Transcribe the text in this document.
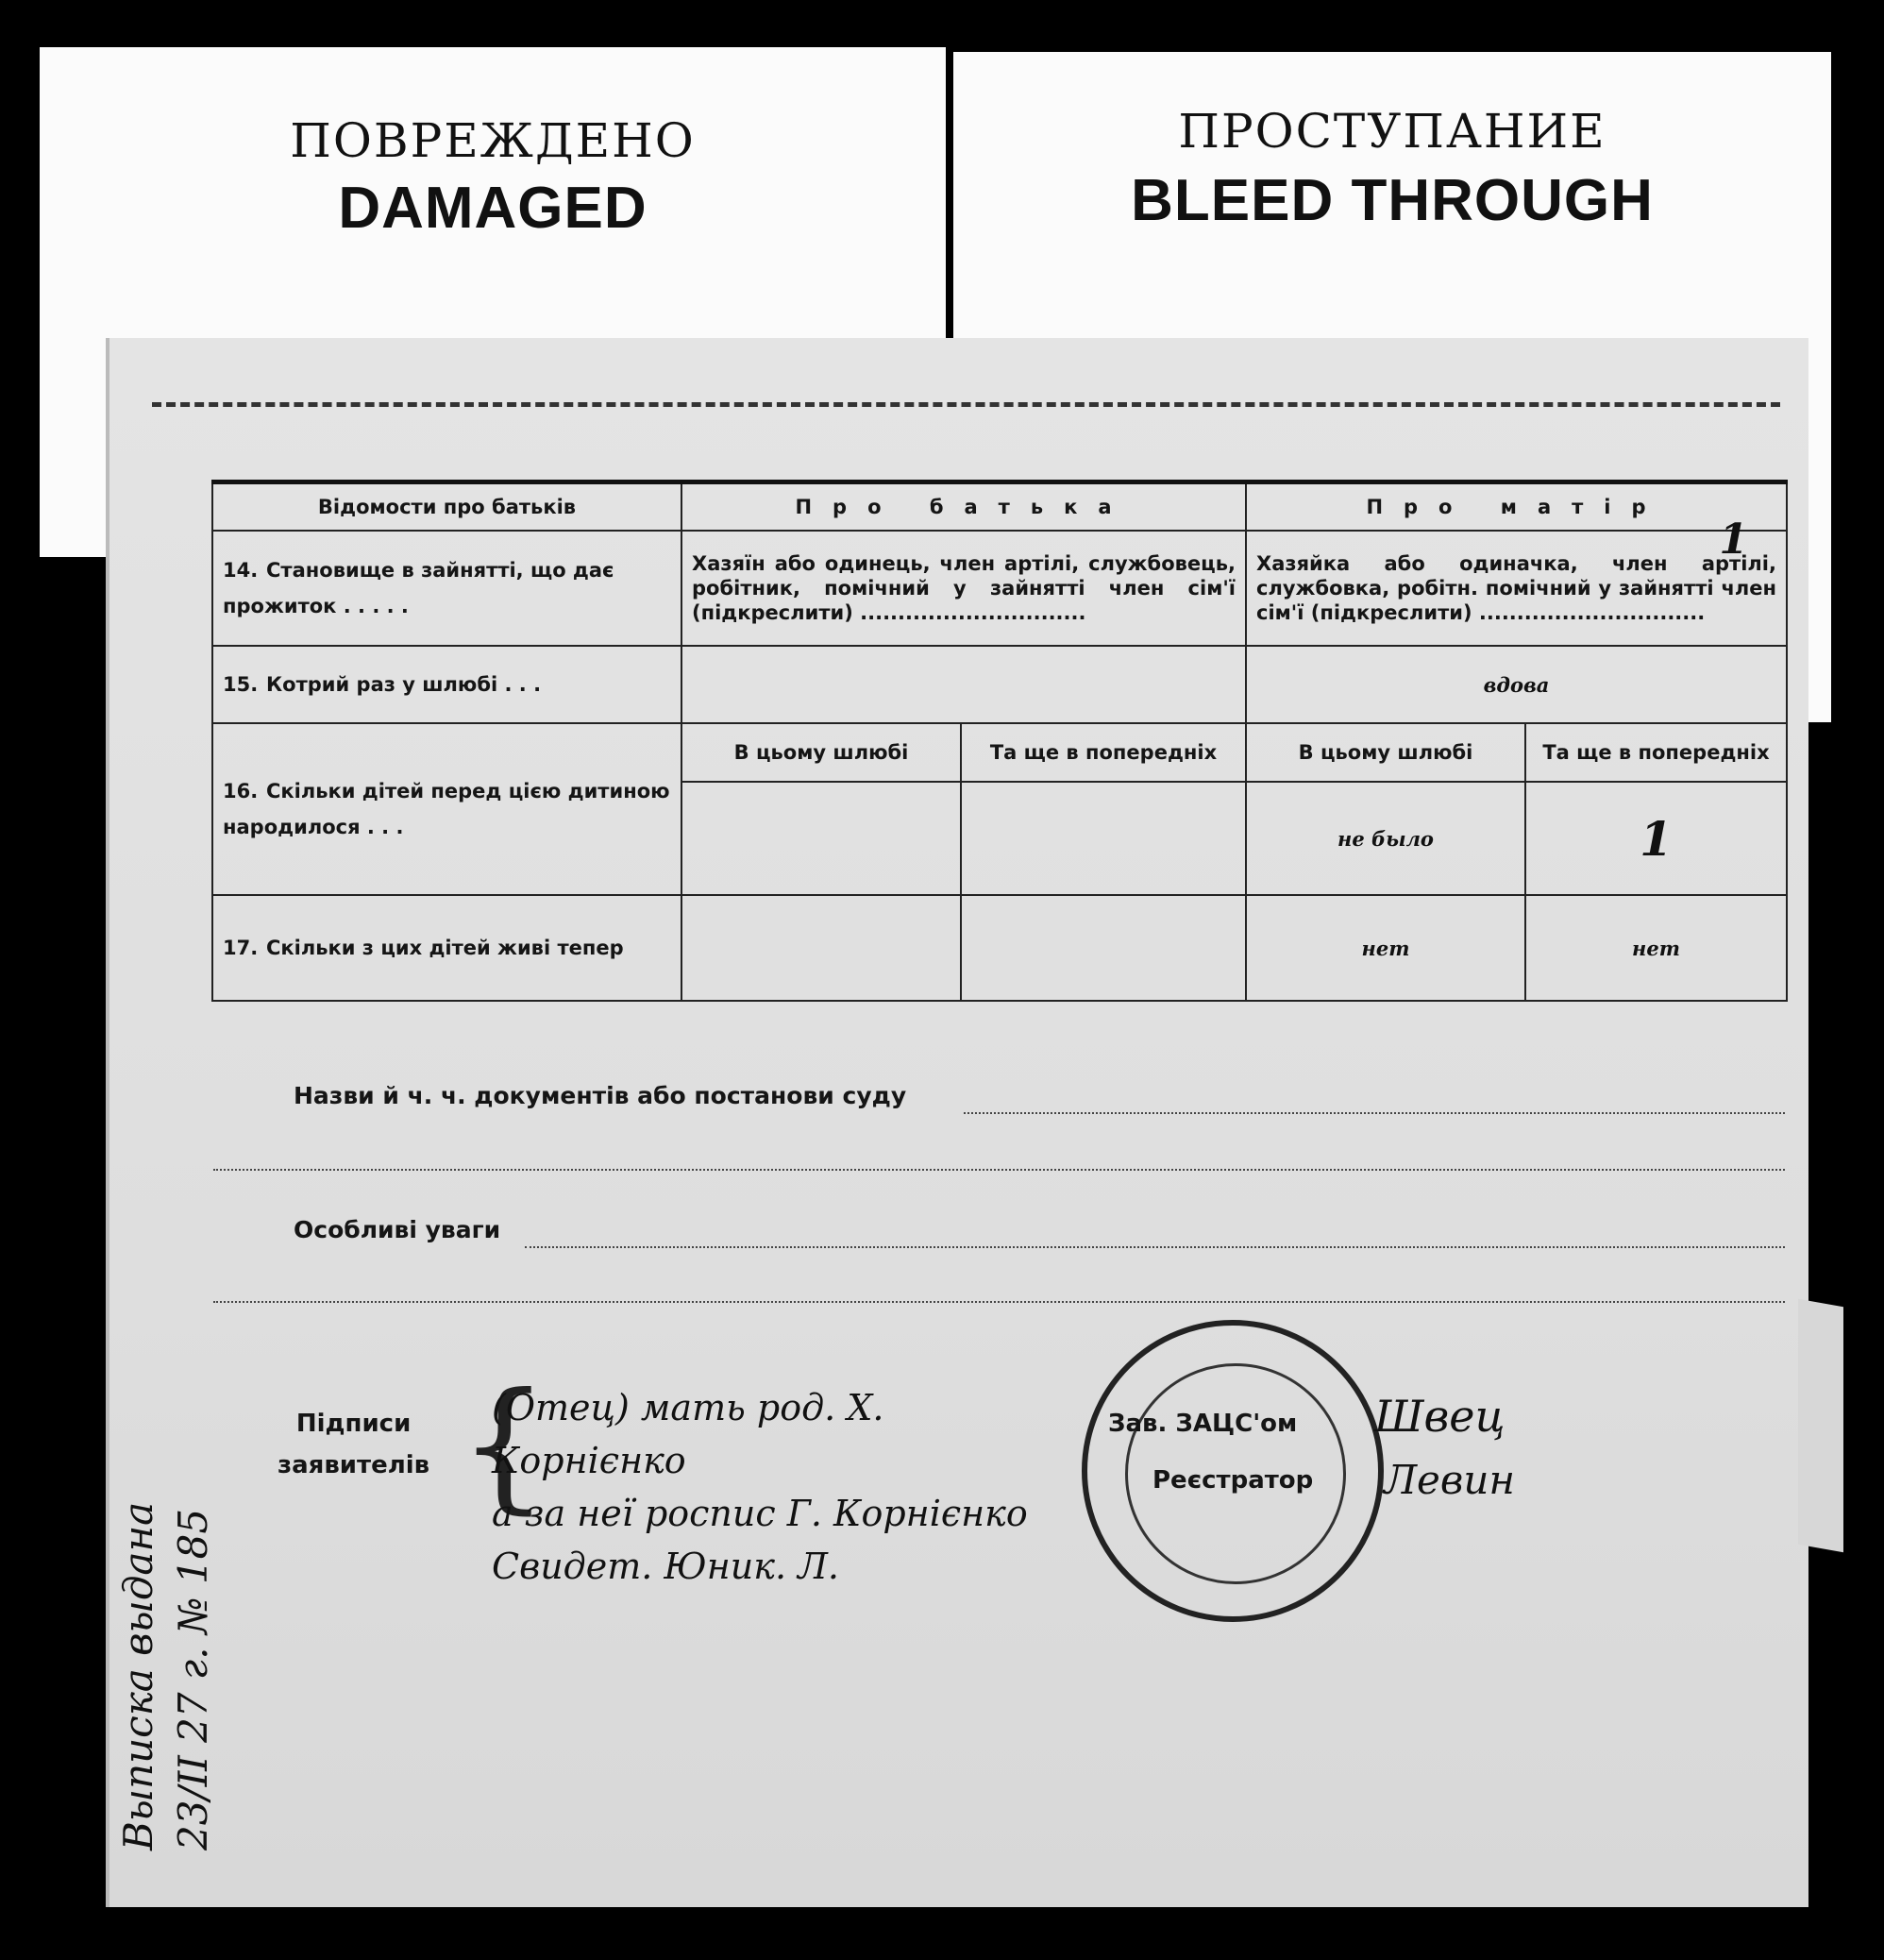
ПОВРЕЖДЕНО
DAMAGED
ПРОСТУПАНИЕ
BLEED THROUGH
Відомости про батьків	Про батька		Про матір	
14. Становище в зайнятті, що дає прожиток . . . . .	Хазяїн або одинець, член артілі, службовець, робітник, помічний у зайнятті член сім'ї (підкреслити) ..............................		Хазяйка або одиначка, член артілі, службовка, робітн. помічний у зайнятті член сім'ї (підкреслити) ..............................
1	

15. Котрий раз у шлюбі . . .			вдова	
16. Скільки дітей перед цією дитиною народилося . . .	В цьому шлюбі	Та ще в попередніх	В цьому шлюбі	Та ще в попередніх
			не было	1
17. Скільки з цих дітей живі тепер			нет	нет
Назви й ч. ч. документів або постанови суду
Особливі уваги
Підписи
заявителів {
(Отец) мать род. Х. Корнієнко
а за неї роспис Г. Корнієнко
Свидет. Юник. Л.
Зав. ЗАЦС'ом
Реєстратор
Швец
Левин
Выписка выдана 23/II 27 г. № 185
